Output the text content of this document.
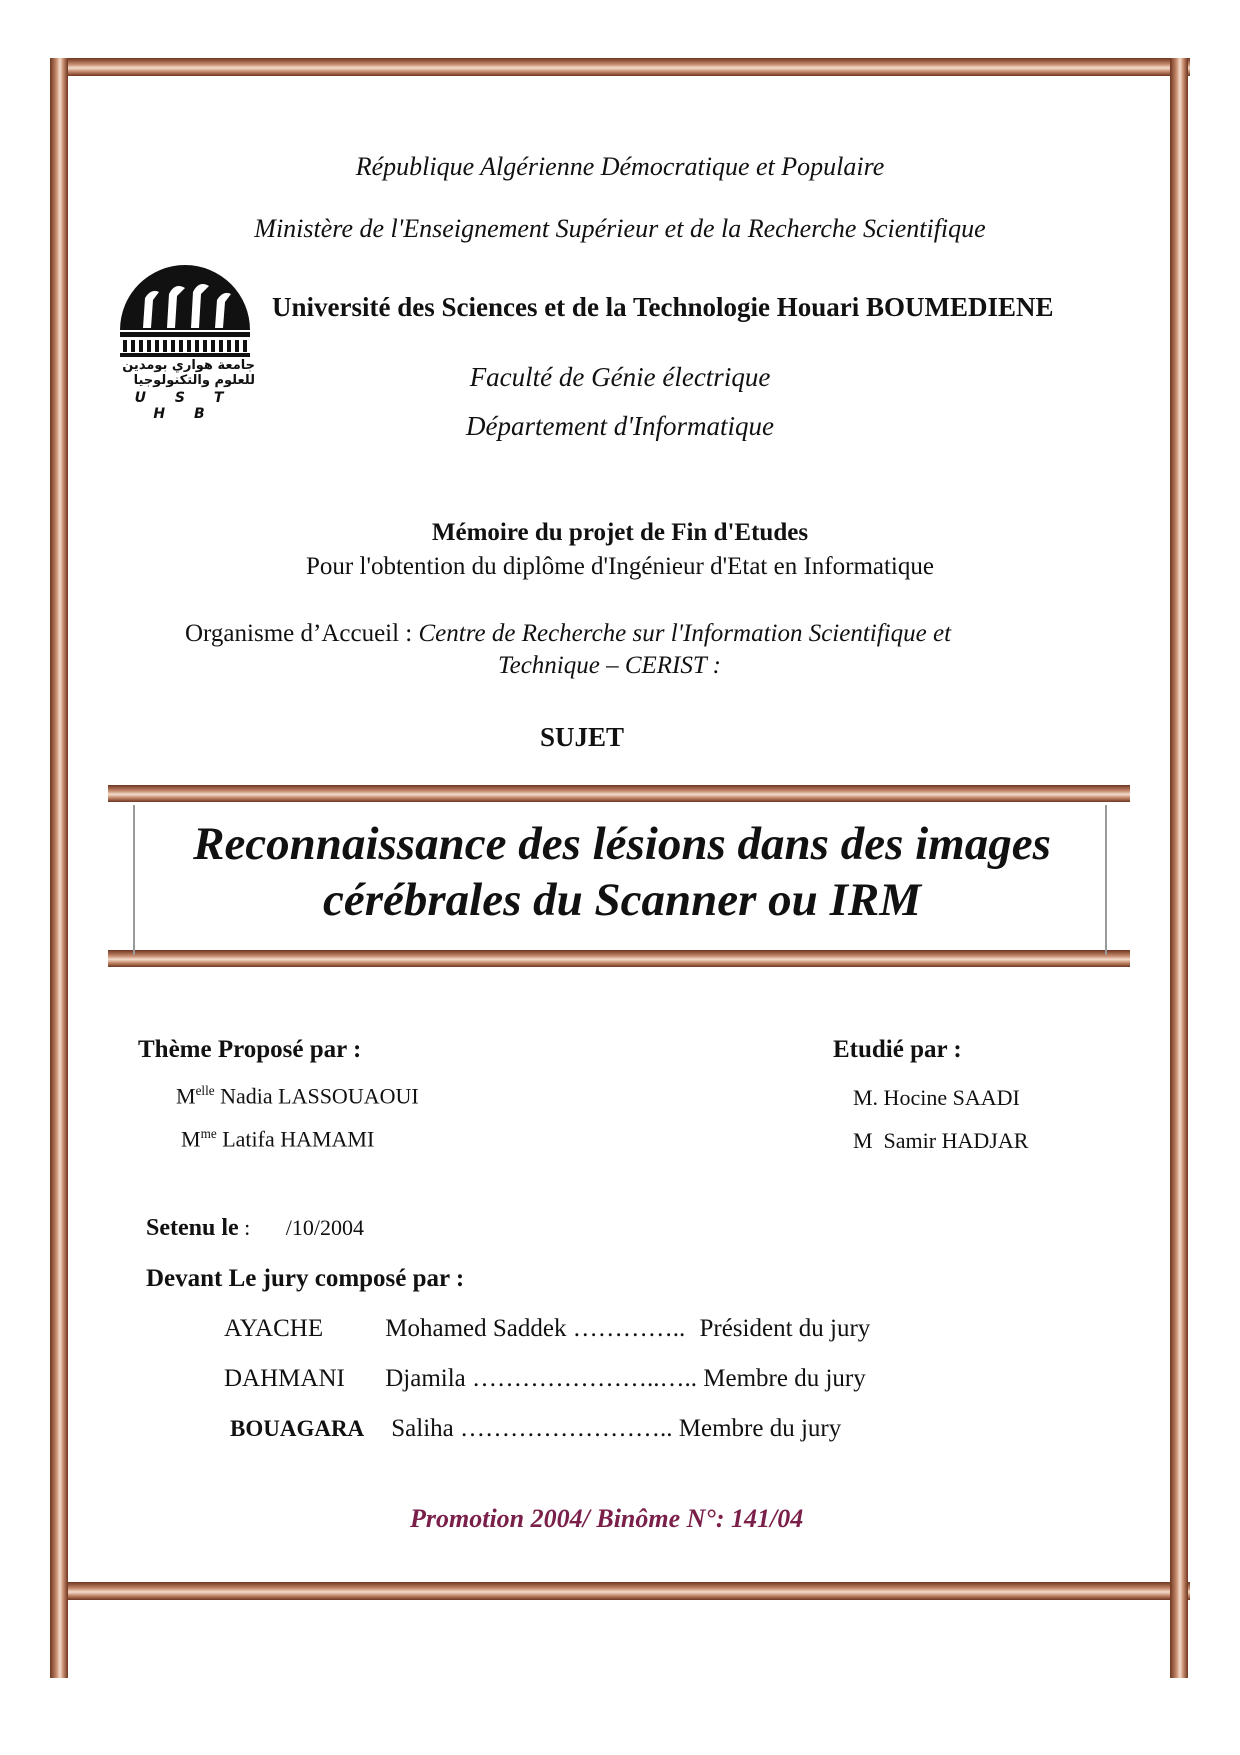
République Algérienne Démocratique et Populaire
Ministère de l'Enseignement Supérieur et de la Recherche Scientifique
جامعة هواري بومدين للعلوم والتكنولوجيا
U S T H B
Université des Sciences et de la Technologie Houari BOUMEDIENE
Faculté de Génie électrique
Département d'Informatique
Mémoire du projet de Fin d'Etudes
Pour l'obtention du diplôme d'Ingénieur d'Etat en Informatique
Organisme d’Accueil : Centre de Recherche sur l'Information Scientifique et
Technique – CERIST :
SUJET
Reconnaissance des lésions dans des images
cérébrales du Scanner ou IRM
Thème Proposé par :
$M^{elle}$ Nadia LASSOUAOUI
$M^{me}$ Latifa HAMAMI
Etudié par :
M. Hocine SAADI
M  Samir HADJAR
Setenu le : /10/2004
Devant Le jury composé par :
AYACHE Mohamed Saddek ………….. Président du jury
DAHMANI Djamila …………………..….. Membre du jury
BOUAGARA Saliha …………………….. Membre du jury
Promotion 2004/ Binôme N°: 141/04
